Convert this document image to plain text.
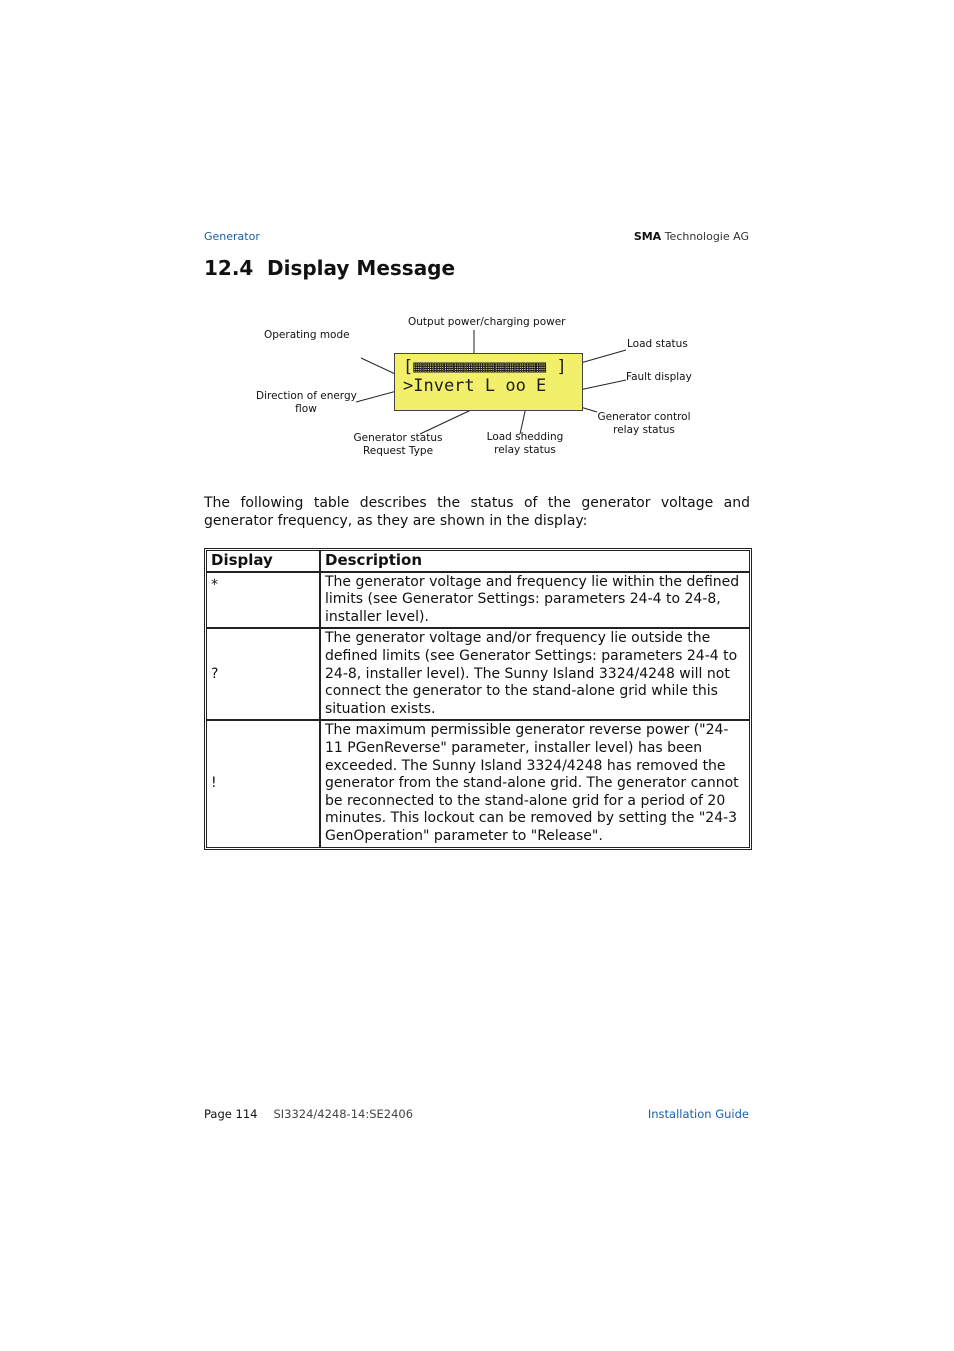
Generator	SMA Technologie AG
12.4 Display Message
[▦▦▦▦▦▦▦▦▦▦▦▦▦ ]
>Invert L oo E
Output power/charging power
Operating mode
Load status
Fault display
Direction of energy
flow
Generator control
relay status
Generator status
Request Type
Load shedding
relay status

The following table describes the status of the generator voltage and generator frequency, as they are shown in the display:

Display	Description
*	The generator voltage and frequency lie within the defined limits (see Generator Settings: parameters 24-4 to 24-8, installer level).
?	The generator voltage and/or frequency lie outside the defined limits (see Generator Settings: parameters 24-4 to 24-8, installer level). The Sunny Island 3324/4248 will not connect the generator to the stand-alone grid while this situation exists.
!	The maximum permissible generator reverse power ("24-11 PGenReverse" parameter, installer level) has been exceeded. The Sunny Island 3324/4248 has removed the generator from the stand-alone grid. The generator cannot be reconnected to the stand-alone grid for a period of 20 minutes. This lockout can be removed by setting the "24-3 GenOperation" parameter to "Release".
Page 114 SI3324/4248-14:SE2406	Installation Guide
